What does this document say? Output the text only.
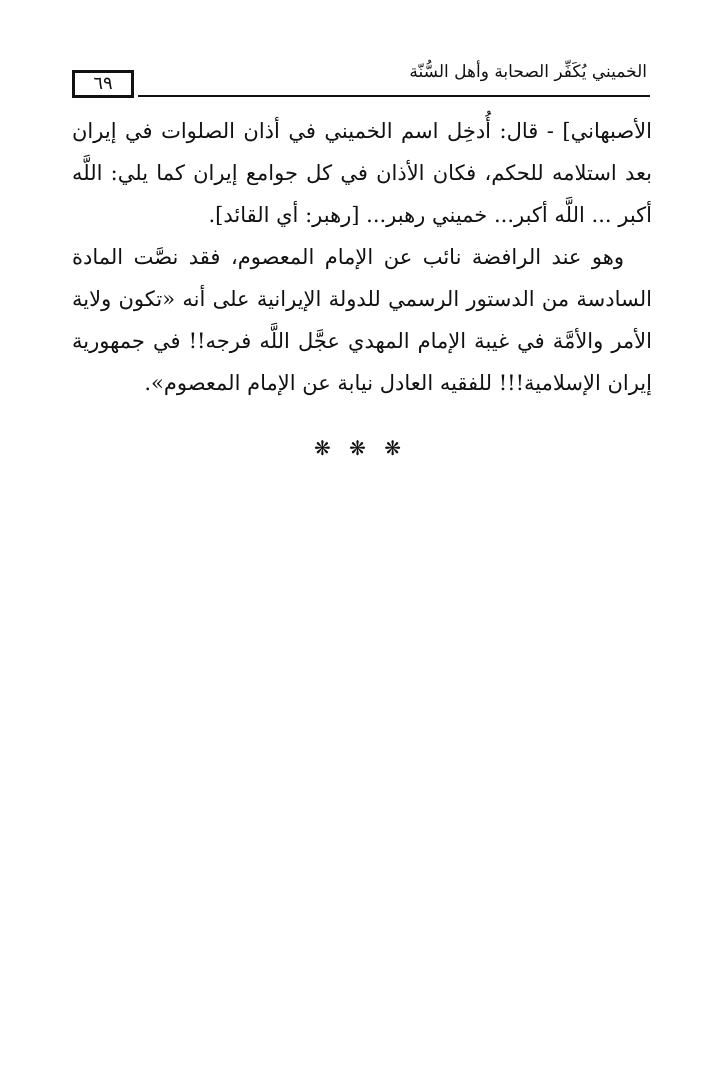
الخميني يُكَفِّر الصحابة وأهل السُّنّة
٦٩

الأصبهاني] - قال: أُدخِل اسم الخميني في أذان الصلوات في إيران بعد استلامه للحكم، فكان الأذان في كل جوامع إيران كما يلي: اللَّه أكبر ... اللَّه أكبر... خميني رهبر... [رهبر: أي القائد].

وهو عند الرافضة نائب عن الإمام المعصوم، فقد نصَّت المادة السادسة من الدستور الرسمي للدولة الإيرانية على أنه «تكون ولاية الأمر والأمَّة في غيبة الإمام المهدي عجَّل اللَّه فرجه!! في جمهورية إيران الإسلامية!!! للفقيه العادل نيابة عن الإمام المعصوم».

❋ ❋ ❋
